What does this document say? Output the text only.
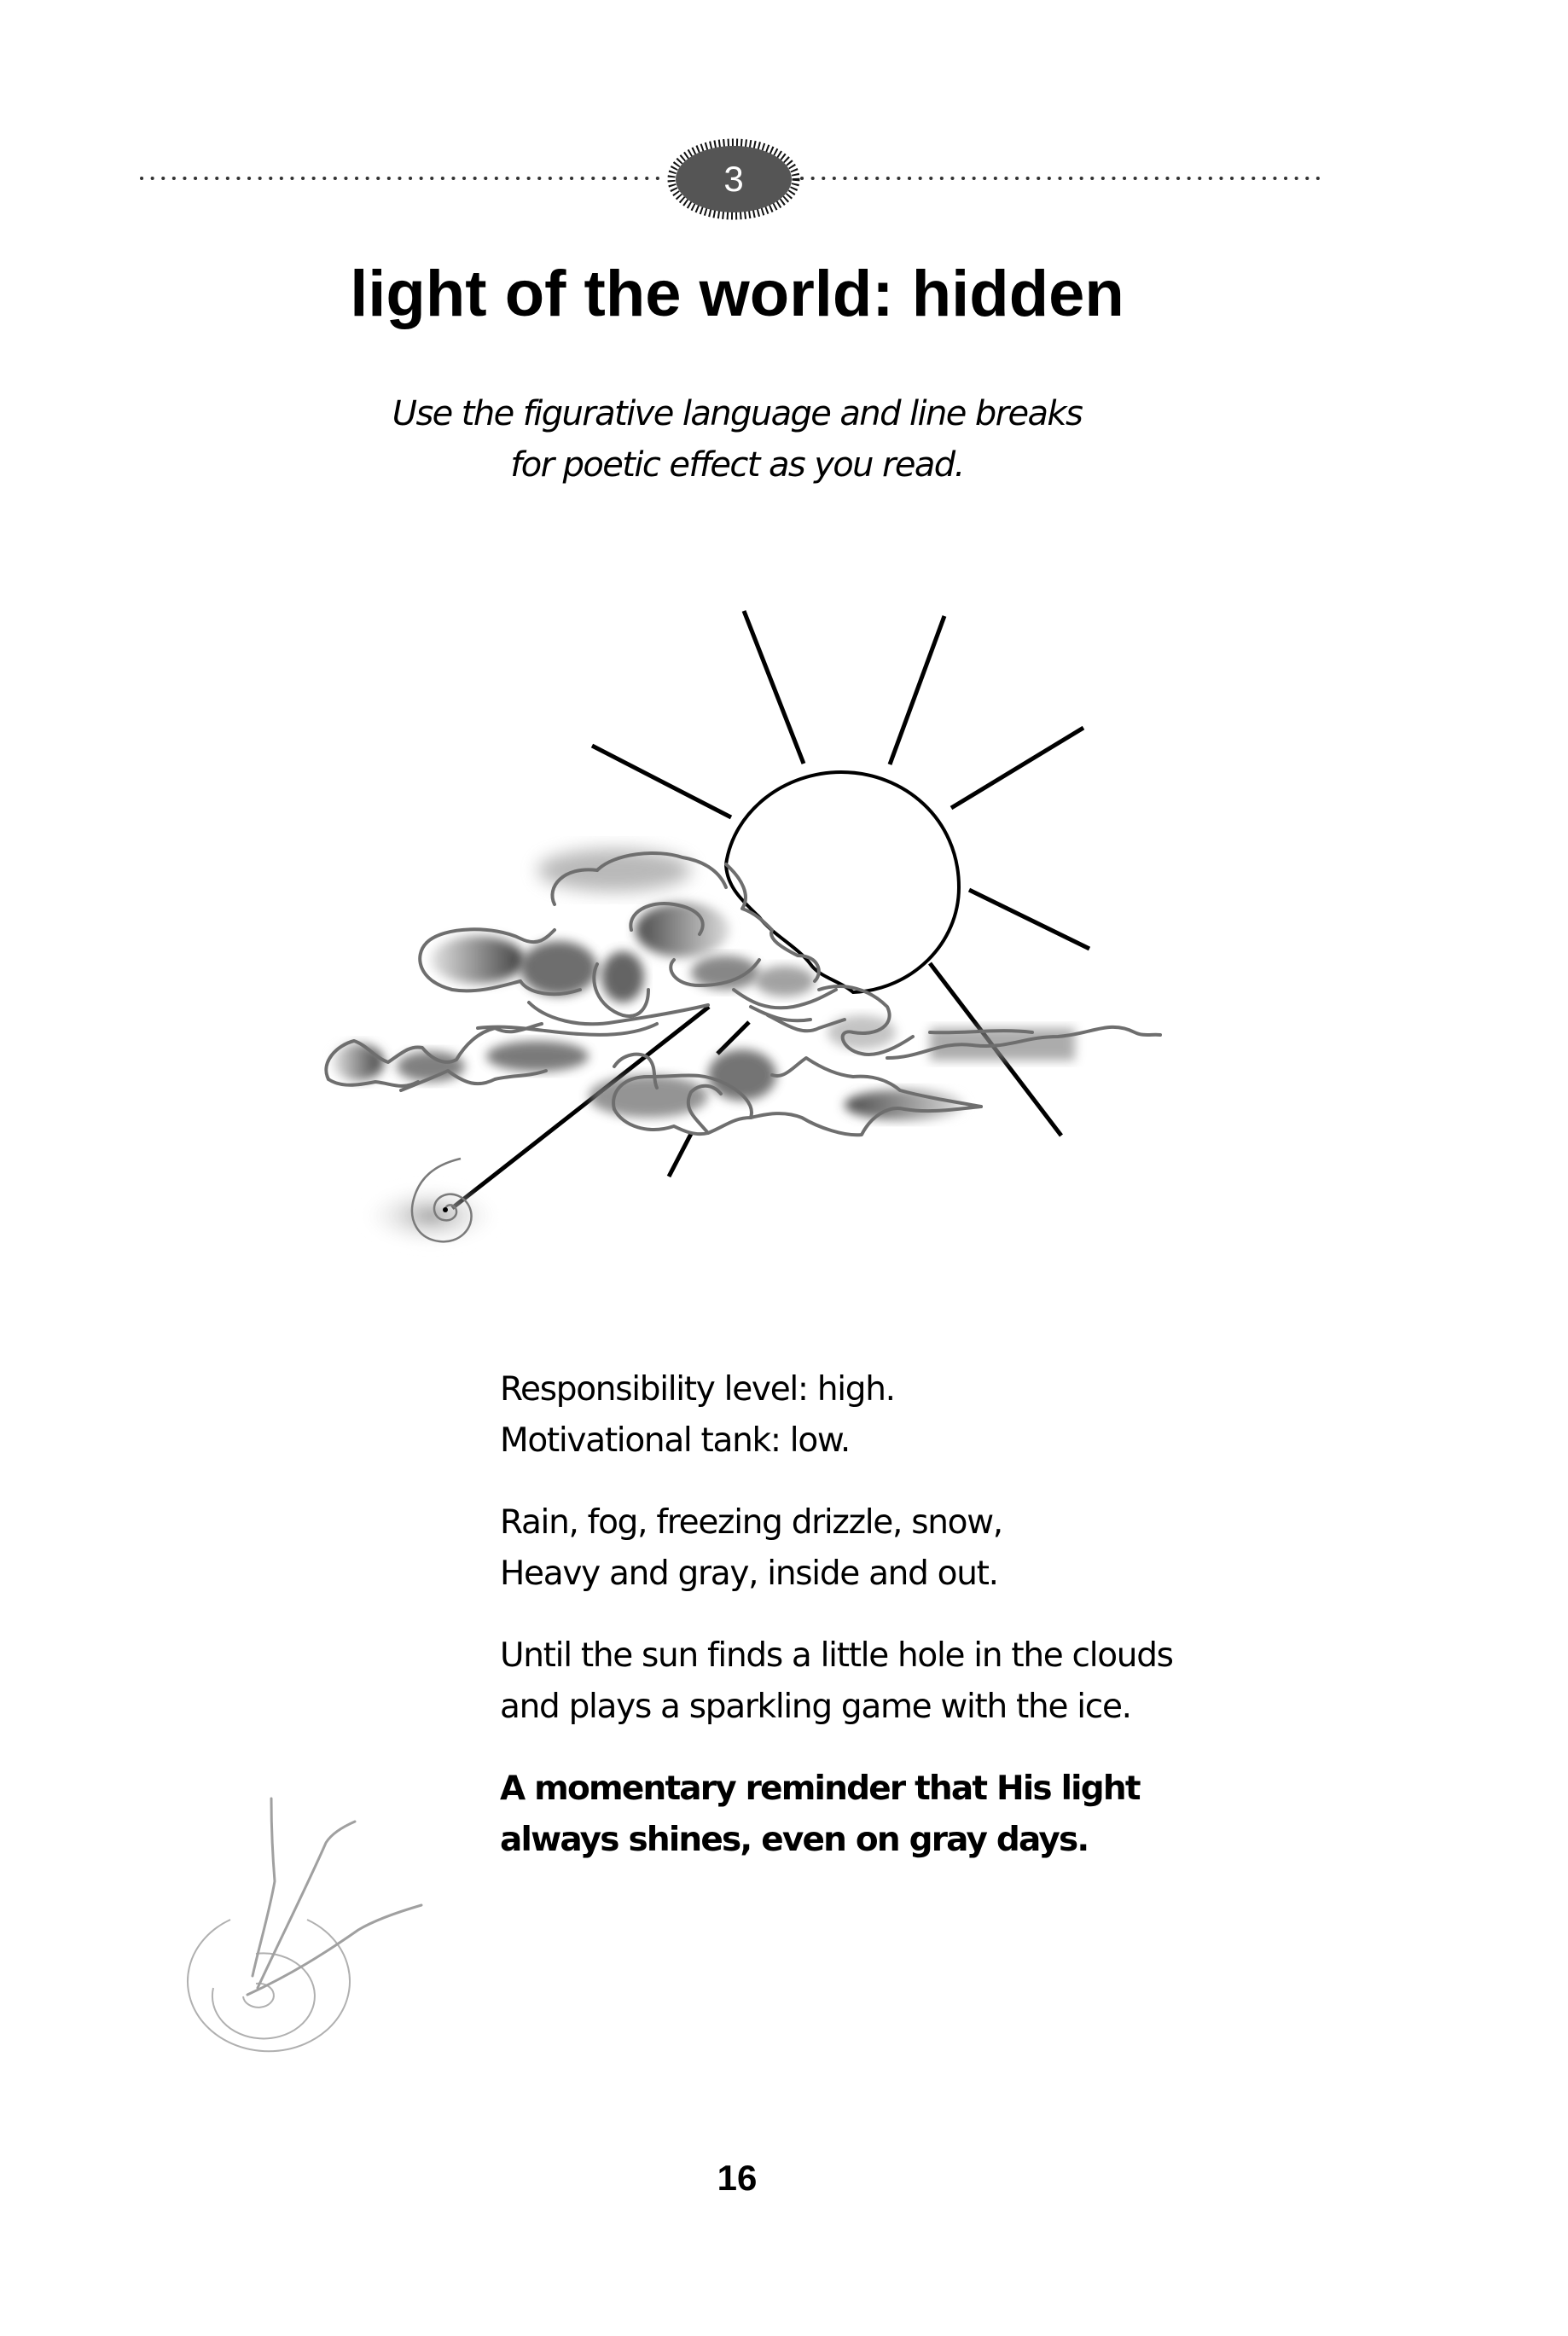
3
light of the world: hidden
Use the figurative language and line breaks
for poetic effect as you read.

Responsibility level: high.
Motivational tank: low.

Rain, fog, freezing drizzle, snow,
Heavy and gray, inside and out.

Until the sun finds a little hole in the clouds
and plays a sparkling game with the ice.

A momentary reminder that His light
always shines, even on gray days.

16
